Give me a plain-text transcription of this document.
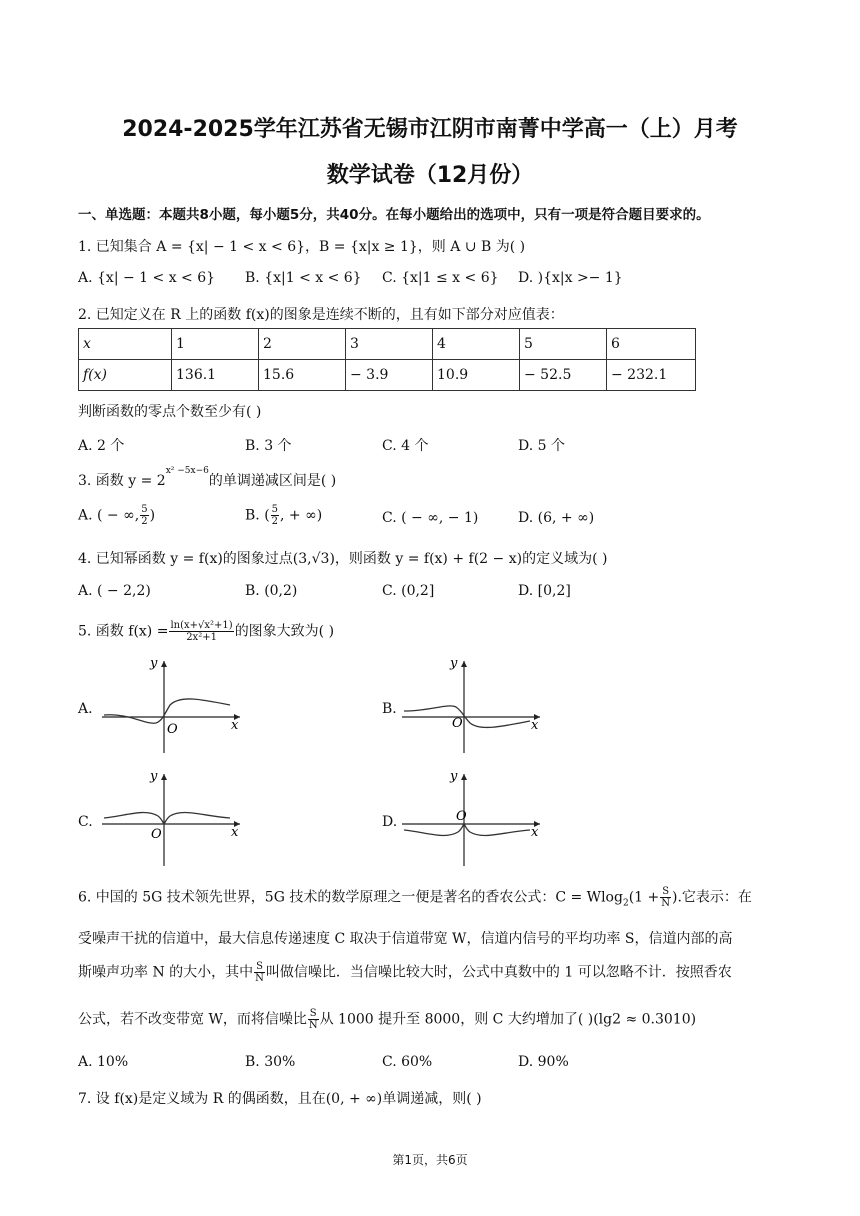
2024-2025学年江苏省无锡市江阴市南菁中学高一（上）月考
数学试卷（12月份）
一、单选题：本题共8小题，每小题5分，共40分。在每小题给出的选项中，只有一项是符合题目要求的。
1. 已知集合 A = {x| − 1 < x < 6}，B = {x|x ≥ 1}，则 A ∪ B 为( )
A. {x| − 1 < x < 6} B. {x|1 < x < 6} C. {x|1 ≤ x < 6} D. ){x|x >− 1}
2. 已知定义在 R 上的函数 f(x)的图象是连续不断的，且有如下部分对应值表：
x	1	2	3	4	5	6
f(x)	136.1	15.6	− 3.9	10.9	− 52.5	− 232.1
判断函数的零点个数至少有( )
A. 2 个	B. 3 个	C. 4 个	D. 5 个
3. 函数 $y = 2^{x^2 -5x-6}$的单调递减区间是( )
A. ( − ∞, $\frac{5}{2}$ )	B. ( $\frac{5}{2}$ , + ∞)	C. ( − ∞, − 1)	D. (6, + ∞)
4. 已知幂函数 y = f(x)的图象过点(3,√3)，则函数 y = f(x) + f(2 − x)的定义域为( )
A. ( − 2,2)	B. (0,2)	C. (0,2]	D. [0,2]
5. 函数 $f(x) = \frac{\text{ln(x+√x²+1)}}{\text{2x²+1}}$ 的图象大致为( )
A.	B.
C.	D.
y
x
O
y
x
O
y
x
O
y
x
O
6. 中国的 5G 技术领先世界，5G 技术的数学原理之一便是著名的香农公式：$C = Wlog_2(1 + \frac{S}{N}$ ).它表示：在
受噪声干扰的信道中，最大信息传递速度 C 取决于信道带宽 W，信道内信号的平均功率 S，信道内部的高
斯噪声功率 N 的大小，其中 $\frac{S}{N}$ 叫做信噪比．当信噪比较大时，公式中真数中的 1 可以忽略不计．按照香农
公式，若不改变带宽 W，而将信噪比 $\frac{S}{N}$ 从 1000 提升至 8000，则 C 大约增加了( )(lg2 ≈ 0.3010)
A. 10%	B. 30%	C. 60%	D. 90%
7. 设 f(x)是定义域为 R 的偶函数，且在(0, + ∞)单调递减，则( )
第1页，共6页
